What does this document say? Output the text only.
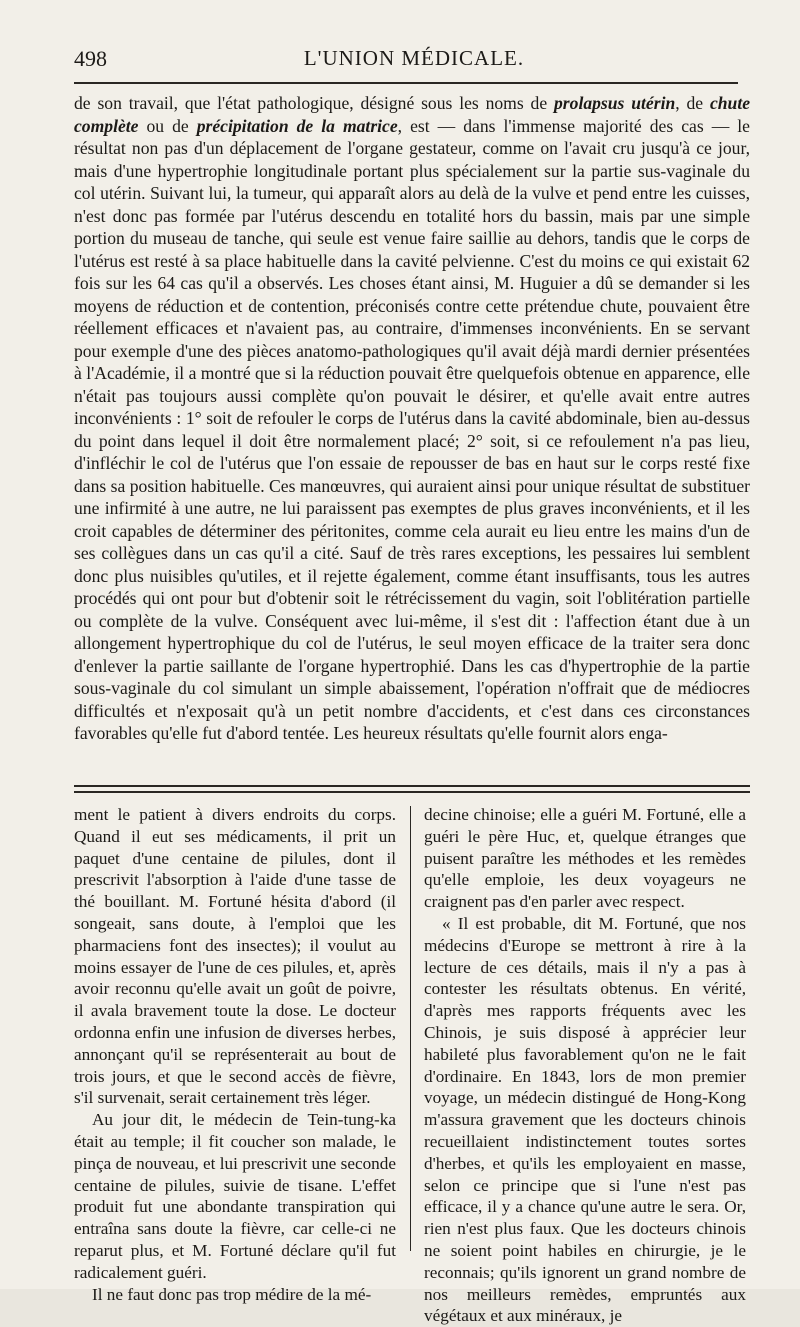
498	L'UNION MÉDICALE.

de son travail, que l'état pathologique, désigné sous les noms de prolapsus utérin, de chute complète ou de précipitation de la matrice, est — dans l'immense majorité des cas — le résultat non pas d'un déplacement de l'organe gestateur, comme on l'avait cru jusqu'à ce jour, mais d'une hypertrophie longitudinale portant plus spécialement sur la partie sus-vaginale du col utérin. Suivant lui, la tumeur, qui apparaît alors au delà de la vulve et pend entre les cuisses, n'est donc pas formée par l'utérus descendu en totalité hors du bassin, mais par une simple portion du museau de tanche, qui seule est venue faire saillie au dehors, tandis que le corps de l'utérus est resté à sa place habituelle dans la cavité pelvienne. C'est du moins ce qui existait 62 fois sur les 64 cas qu'il a observés. Les choses étant ainsi, M. Huguier a dû se demander si les moyens de réduction et de contention, préconisés contre cette prétendue chute, pouvaient être réellement efficaces et n'avaient pas, au contraire, d'immenses inconvénients. En se servant pour exemple d'une des pièces anatomo-pathologiques qu'il avait déjà mardi dernier présentées à l'Académie, il a montré que si la réduction pouvait être quelquefois obtenue en apparence, elle n'était pas toujours aussi complète qu'on pouvait le désirer, et qu'elle avait entre autres inconvénients : 1° soit de refouler le corps de l'utérus dans la cavité abdominale, bien au-dessus du point dans lequel il doit être normalement placé; 2° soit, si ce refoulement n'a pas lieu, d'infléchir le col de l'utérus que l'on essaie de repousser de bas en haut sur le corps resté fixe dans sa position habituelle. Ces manœuvres, qui auraient ainsi pour unique résultat de substituer une infirmité à une autre, ne lui paraissent pas exemptes de plus graves inconvénients, et il les croit capables de déterminer des péritonites, comme cela aurait eu lieu entre les mains d'un de ses collègues dans un cas qu'il a cité. Sauf de très rares exceptions, les pessaires lui semblent donc plus nuisibles qu'utiles, et il rejette également, comme étant insuffisants, tous les autres procédés qui ont pour but d'obtenir soit le rétrécissement du vagin, soit l'oblitération partielle ou complète de la vulve. Conséquent avec lui-même, il s'est dit : l'affection étant due à un allongement hypertrophique du col de l'utérus, le seul moyen efficace de la traiter sera donc d'enlever la partie saillante de l'organe hypertrophié. Dans les cas d'hypertrophie de la partie sous-vaginale du col simulant un simple abaissement, l'opération n'offrait que de médiocres difficultés et n'exposait qu'à un petit nombre d'accidents, et c'est dans ces circonstances favorables qu'elle fut d'abord tentée. Les heureux résultats qu'elle fournit alors enga-

ment le patient à divers endroits du corps. Quand il eut ses médicaments, il prit un paquet d'une centaine de pilules, dont il prescrivit l'absorption à l'aide d'une tasse de thé bouillant. M. Fortuné hésita d'abord (il songeait, sans doute, à l'emploi que les pharmaciens font des insectes); il voulut au moins essayer de l'une de ces pilules, et, après avoir reconnu qu'elle avait un goût de poivre, il avala bravement toute la dose. Le docteur ordonna enfin une infusion de diverses herbes, annonçant qu'il se représenterait au bout de trois jours, et que le second accès de fièvre, s'il survenait, serait certainement très léger.

Au jour dit, le médecin de Tein-tung-ka était au temple; il fit coucher son malade, le pinça de nouveau, et lui prescrivit une seconde centaine de pilules, suivie de tisane. L'effet produit fut une abondante transpiration qui entraîna sans doute la fièvre, car celle-ci ne reparut plus, et M. Fortuné déclare qu'il fut radicalement guéri.

Il ne faut donc pas trop médire de la mé-

decine chinoise; elle a guéri M. Fortuné, elle a guéri le père Huc, et, quelque étranges que puisent paraître les méthodes et les remèdes qu'elle emploie, les deux voyageurs ne craignent pas d'en parler avec respect.

« Il est probable, dit M. Fortuné, que nos médecins d'Europe se mettront à rire à la lecture de ces détails, mais il n'y a pas à contester les résultats obtenus. En vérité, d'après mes rapports fréquents avec les Chinois, je suis disposé à apprécier leur habileté plus favorablement qu'on ne le fait d'ordinaire. En 1843, lors de mon premier voyage, un médecin distingué de Hong-Kong m'assura gravement que les docteurs chinois recueillaient indistinctement toutes sortes d'herbes, et qu'ils les employaient en masse, selon ce principe que si l'une n'est pas efficace, il y a chance qu'une autre le sera. Or, rien n'est plus faux. Que les docteurs chinois ne soient point habiles en chirurgie, je le reconnais; qu'ils ignorent un grand nombre de nos meilleurs remèdes, empruntés aux végétaux et aux minéraux, je
